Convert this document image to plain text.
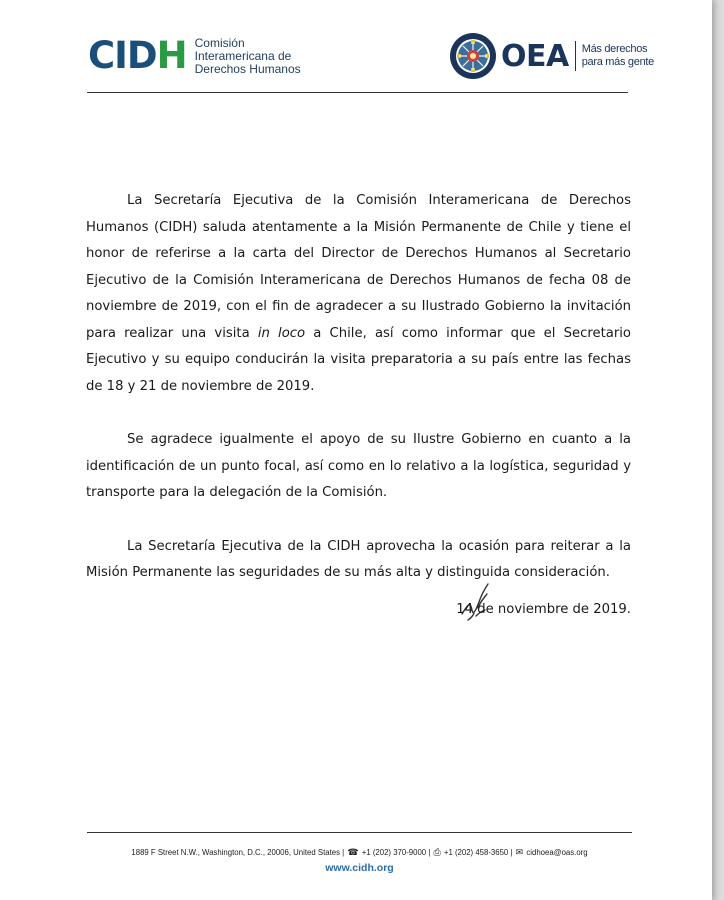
CIDH Comisión
Interamericana de
Derechos Humanos	OEA Más derechos
para más gente

La Secretaría Ejecutiva de la Comisión Interamericana de Derechos Humanos (CIDH) saluda atentamente a la Misión Permanente de Chile y tiene el honor de referirse a la carta del Director de Derechos Humanos al Secretario Ejecutivo de la Comisión Interamericana de Derechos Humanos de fecha 08 de noviembre de 2019, con el fin de agradecer a su Ilustrado Gobierno la invitación para realizar una visita in loco a Chile, así como informar que el Secretario Ejecutivo y su equipo conducirán la visita preparatoria a su país entre las fechas de 18 y 21 de noviembre de 2019.

Se agradece igualmente el apoyo de su Ilustre Gobierno en cuanto a la identificación de un punto focal, así como en lo relativo a la logística, seguridad y transporte para la delegación de la Comisión.

La Secretaría Ejecutiva de la CIDH aprovecha la ocasión para reiterar a la Misión Permanente las seguridades de su más alta y distinguida consideración.

14 de noviembre de 2019.
1889 F Street N.W., Washington, D.C., 20006, United States | ☎ +1 (202) 370-9000 | ⎙ +1 (202) 458-3650 | ✉ cidhoea@oas.org
www.cidh.org
